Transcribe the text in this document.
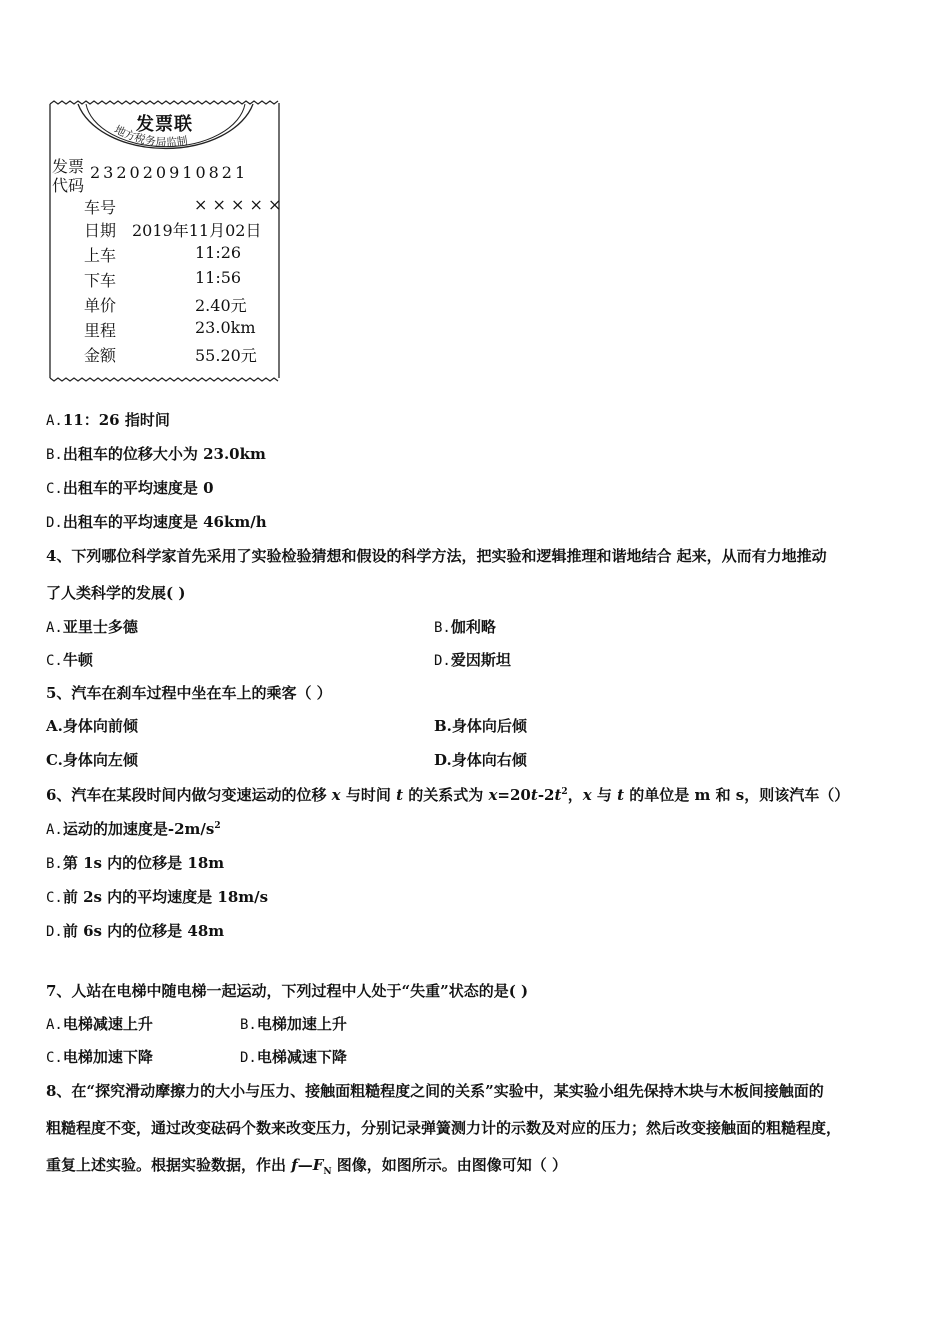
地方税务局监制
发票联
发票
代码
232020910821
车号	× × × × ×
日期 2019年11月02日
上车	11:26
下车	11:56
单价	2.40元
里程	23.0km
金额	55.20元
A.11：26 指时间
B.出租车的位移大小为 23.0km
C.出租车的平均速度是 0
D.出租车的平均速度是 46km/h
4、下列哪位科学家首先采用了实验检验猜想和假设的科学方法，把实验和逻辑推理和谐地结合 起来，从而有力地推动
了人类科学的发展( )
A.亚里士多德	B.伽利略
C.牛顿	D.爱因斯坦
5、汽车在刹车过程中坐在车上的乘客（ ）
A.身体向前倾	B.身体向后倾
C.身体向左倾	D.身体向右倾
6、汽车在某段时间内做匀变速运动的位移 x 与时间 t 的关系式为 $x=20t-2t^2$，x 与 t 的单位是 m 和 s，则该汽车（）
A.运动的加速度是$-2m/s^2$
B.第 1s 内的位移是 18m
C.前 2s 内的平均速度是 18m/s
D.前 6s 内的位移是 48m
7、人站在电梯中随电梯一起运动，下列过程中人处于“失重”状态的是( )
A.电梯减速上升	B.电梯加速上升
C.电梯加速下降	D.电梯减速下降
8、在“探究滑动摩擦力的大小与压力、接触面粗糙程度之间的关系”实验中，某实验小组先保持木块与木板间接触面的
粗糙程度不变，通过改变砝码个数来改变压力，分别记录弹簧测力计的示数及对应的压力；然后改变接触面的粗糙程度，
重复上述实验。根据实验数据，作出 $f—F_N$ 图像，如图所示。由图像可知（ ）
